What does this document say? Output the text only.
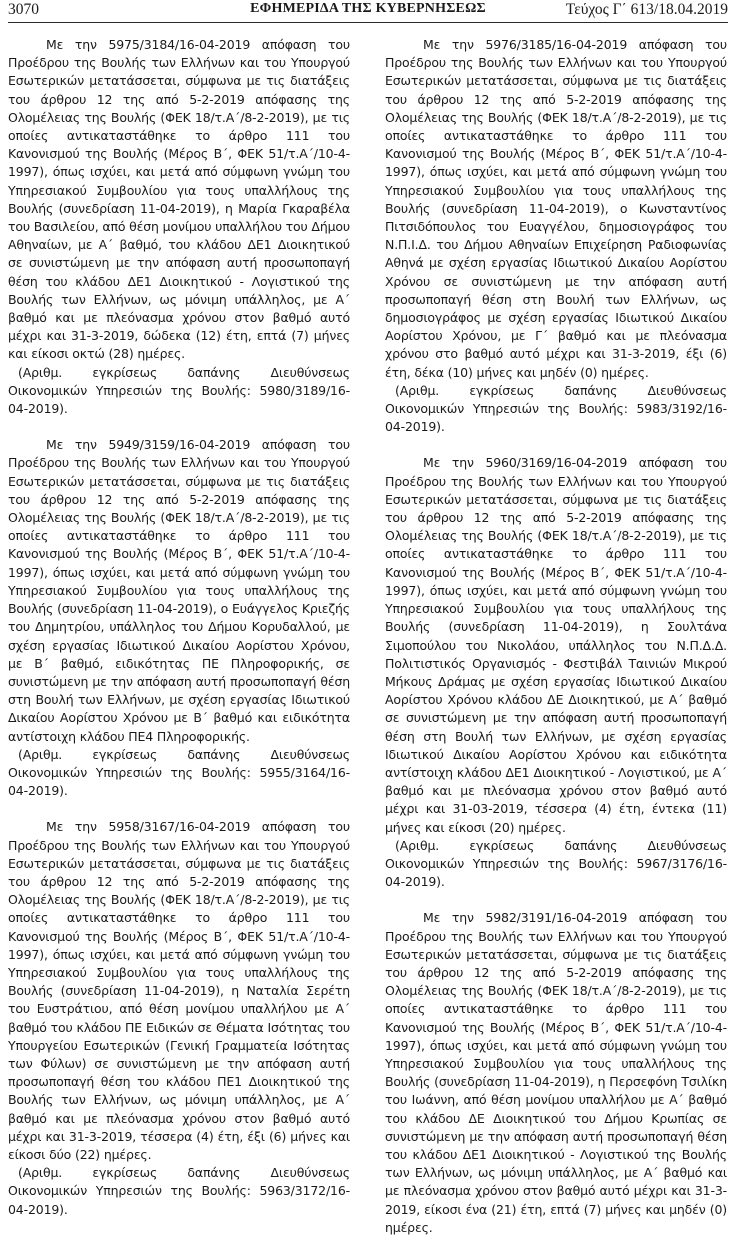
3070	ΕΦΗΜΕΡΙΔΑ ΤΗΣ ΚΥΒΕΡΝΗΣΕΩΣ	Τεύχος Γ΄ 613/18.04.2019

Με την 5975/3184/16-04-2019 απόφαση του Προέδρου της Βουλής των Ελλήνων και του Υπουργού Εσωτερικών μετατάσσεται, σύμφωνα με τις διατάξεις του άρθρου 12 της από 5-2-2019 απόφασης της Ολομέλειας της Βουλής (ΦΕΚ 18/τ.Α΄/8-2-2019), με τις οποίες αντικαταστάθηκε το άρθρο 111 του Κανονισμού της Βουλής (Μέρος Β΄, ΦΕΚ 51/τ.Α΄/10-4-1997), όπως ισχύει, και μετά από σύμφωνη γνώμη του Υπηρεσιακού Συμβουλίου για τους υπαλλήλους της Βουλής (συνεδρίαση 11-04-2019), η Μαρία Γκαραβέλα του Βασιλείου, από θέση μονίμου υπαλλήλου του Δήμου Αθηναίων, με Α΄ βαθμό, του κλάδου ΔΕ1 Διοικητικού σε συνιστώμενη με την απόφαση αυτή προσωποπαγή θέση του κλάδου ΔΕ1 Διοικητικού - Λογιστικού της Βουλής των Ελλήνων, ως μόνιμη υπάλληλος, με Α΄ βαθμό και με πλεόνασμα χρόνου στον βαθμό αυτό μέχρι και 31-3-2019, δώδεκα (12) έτη, επτά (7) μήνες και είκοσι οκτώ (28) ημέρες.

(Αριθμ. εγκρίσεως δαπάνης Διευθύνσεως Οικονομικών Υπηρεσιών της Βουλής: 5980/3189/16-04-2019).

Με την 5949/3159/16-04-2019 απόφαση του Προέδρου της Βουλής των Ελλήνων και του Υπουργού Εσωτερικών μετατάσσεται, σύμφωνα με τις διατάξεις του άρθρου 12 της από 5-2-2019 απόφασης της Ολομέλειας της Βουλής (ΦΕΚ 18/τ.Α΄/8-2-2019), με τις οποίες αντικαταστάθηκε το άρθρο 111 του Κανονισμού της Βουλής (Μέρος Β΄, ΦΕΚ 51/τ.Α΄/10-4-1997), όπως ισχύει, και μετά από σύμφωνη γνώμη του Υπηρεσιακού Συμβουλίου για τους υπαλλήλους της Βουλής (συνεδρίαση 11-04-2019), ο Ευάγγελος Κριεζής του Δημητρίου, υπάλληλος του Δήμου Κορυδαλλού, με σχέση εργασίας Ιδιωτικού Δικαίου Αορίστου Χρόνου, με Β΄ βαθμό, ειδικότητας ΠΕ Πληροφορικής, σε συνιστώμενη με την απόφαση αυτή προσωποπαγή θέση στη Βουλή των Ελλήνων, με σχέση εργασίας Ιδιωτικού Δικαίου Αορίστου Χρόνου με Β΄ βαθμό και ειδικότητα αντίστοιχη κλάδου ΠΕ4 Πληροφορικής.

(Αριθμ. εγκρίσεως δαπάνης Διευθύνσεως Οικονομικών Υπηρεσιών της Βουλής: 5955/3164/16-04-2019).

Με την 5958/3167/16-04-2019 απόφαση του Προέδρου της Βουλής των Ελλήνων και του Υπουργού Εσωτερικών μετατάσσεται, σύμφωνα με τις διατάξεις του άρθρου 12 της από 5-2-2019 απόφασης της Ολομέλειας της Βουλής (ΦΕΚ 18/τ.Α΄/8-2-2019), με τις οποίες αντικαταστάθηκε το άρθρο 111 του Κανονισμού της Βουλής (Μέρος Β΄, ΦΕΚ 51/τ.Α΄/10-4-1997), όπως ισχύει, και μετά από σύμφωνη γνώμη του Υπηρεσιακού Συμβουλίου για τους υπαλλήλους της Βουλής (συνεδρίαση 11-04-2019), η Ναταλία Σερέτη του Ευστράτιου, από θέση μονίμου υπαλλήλου με Α΄ βαθμό του κλάδου ΠΕ Ειδικών σε Θέματα Ισότητας του Υπουργείου Εσωτερικών (Γενική Γραμματεία Ισότητας των Φύλων) σε συνιστώμενη με την απόφαση αυτή προσωποπαγή θέση του κλάδου ΠΕ1 Διοικητικού της Βουλής των Ελλήνων, ως μόνιμη υπάλληλος, με Α΄ βαθμό και με πλεόνασμα χρόνου στον βαθμό αυτό μέχρι και 31-3-2019, τέσσερα (4) έτη, έξι (6) μήνες και είκοσι δύο (22) ημέρες.

(Αριθμ. εγκρίσεως δαπάνης Διευθύνσεως Οικονομικών Υπηρεσιών της Βουλής: 5963/3172/16-04-2019).

Με την 5976/3185/16-04-2019 απόφαση του Προέδρου της Βουλής των Ελλήνων και του Υπουργού Εσωτερικών μετατάσσεται, σύμφωνα με τις διατάξεις του άρθρου 12 της από 5-2-2019 απόφασης της Ολομέλειας της Βουλής (ΦΕΚ 18/τ.Α΄/8-2-2019), με τις οποίες αντικαταστάθηκε το άρθρο 111 του Κανονισμού της Βουλής (Μέρος Β΄, ΦΕΚ 51/τ.Α΄/10-4-1997), όπως ισχύει, και μετά από σύμφωνη γνώμη του Υπηρεσιακού Συμβουλίου για τους υπαλλήλους της Βουλής (συνεδρίαση 11-04-2019), ο Κωνσταντίνος Πιτσιδόπουλος του Ευαγγέλου, δημοσιογράφος του Ν.Π.Ι.Δ. του Δήμου Αθηναίων Επιχείρηση Ραδιοφωνίας Αθηνά με σχέση εργασίας Ιδιωτικού Δικαίου Αορίστου Χρόνου σε συνιστώμενη με την απόφαση αυτή προσωποπαγή θέση στη Βουλή των Ελλήνων, ως δημοσιογράφος με σχέση εργασίας Ιδιωτικού Δικαίου Αορίστου Χρόνου, με Γ΄ βαθμό και με πλεόνασμα χρόνου στο βαθμό αυτό μέχρι και 31-3-2019, έξι (6) έτη, δέκα (10) μήνες και μηδέν (0) ημέρες.

(Αριθμ. εγκρίσεως δαπάνης Διευθύνσεως Οικονομικών Υπηρεσιών της Βουλής: 5983/3192/16-04-2019).

Με την 5960/3169/16-04-2019 απόφαση του Προέδρου της Βουλής των Ελλήνων και του Υπουργού Εσωτερικών μετατάσσεται, σύμφωνα με τις διατάξεις του άρθρου 12 της από 5-2-2019 απόφασης της Ολομέλειας της Βουλής (ΦΕΚ 18/τ.Α΄/8-2-2019), με τις οποίες αντικαταστάθηκε το άρθρο 111 του Κανονισμού της Βουλής (Μέρος Β΄, ΦΕΚ 51/τ.Α΄/10-4-1997), όπως ισχύει, και μετά από σύμφωνη γνώμη του Υπηρεσιακού Συμβουλίου για τους υπαλλήλους της Βουλής (συνεδρίαση 11-04-2019), η Σουλτάνα Σιμοπούλου του Νικολάου, υπάλληλος του Ν.Π.Δ.Δ. Πολιτιστικός Οργανισμός - Φεστιβάλ Ταινιών Μικρού Μήκους Δράμας με σχέση εργασίας Ιδιωτικού Δικαίου Αορίστου Χρόνου κλάδου ΔΕ Διοικητικού, με Α΄ βαθμό σε συνιστώμενη με την απόφαση αυτή προσωποπαγή θέση στη Βουλή των Ελλήνων, με σχέση εργασίας Ιδιωτικού Δικαίου Αορίστου Χρόνου και ειδικότητα αντίστοιχη κλάδου ΔΕ1 Διοικητικού - Λογιστικού, με Α΄ βαθμό και με πλεόνασμα χρόνου στον βαθμό αυτό μέχρι και 31-03-2019, τέσσερα (4) έτη, έντεκα (11) μήνες και είκοσι (20) ημέρες.

(Αριθμ. εγκρίσεως δαπάνης Διευθύνσεως Οικονομικών Υπηρεσιών της Βουλής: 5967/3176/16-04-2019).

Με την 5982/3191/16-04-2019 απόφαση του Προέδρου της Βουλής των Ελλήνων και του Υπουργού Εσωτερικών μετατάσσεται, σύμφωνα με τις διατάξεις του άρθρου 12 της από 5-2-2019 απόφασης της Ολομέλειας της Βουλής (ΦΕΚ 18/τ.Α΄/8-2-2019), με τις οποίες αντικαταστάθηκε το άρθρο 111 του Κανονισμού της Βουλής (Μέρος Β΄, ΦΕΚ 51/τ.Α΄/10-4-1997), όπως ισχύει, και μετά από σύμφωνη γνώμη του Υπηρεσιακού Συμβουλίου για τους υπαλλήλους της Βουλής (συνεδρίαση 11-04-2019), η Περσεφόνη Τσιλίκη του Ιωάννη, από θέση μονίμου υπαλλήλου με Α΄ βαθμό του κλάδου ΔΕ Διοικητικού του Δήμου Κρωπίας σε συνιστώμενη με την απόφαση αυτή προσωποπαγή θέση του κλάδου ΔΕ1 Διοικητικού - Λογιστικού της Βουλής των Ελλήνων, ως μόνιμη υπάλληλος, με Α΄ βαθμό και με πλεόνασμα χρόνου στον βαθμό αυτό μέχρι και 31-3-2019, είκοσι ένα (21) έτη, επτά (7) μήνες και μηδέν (0) ημέρες.
